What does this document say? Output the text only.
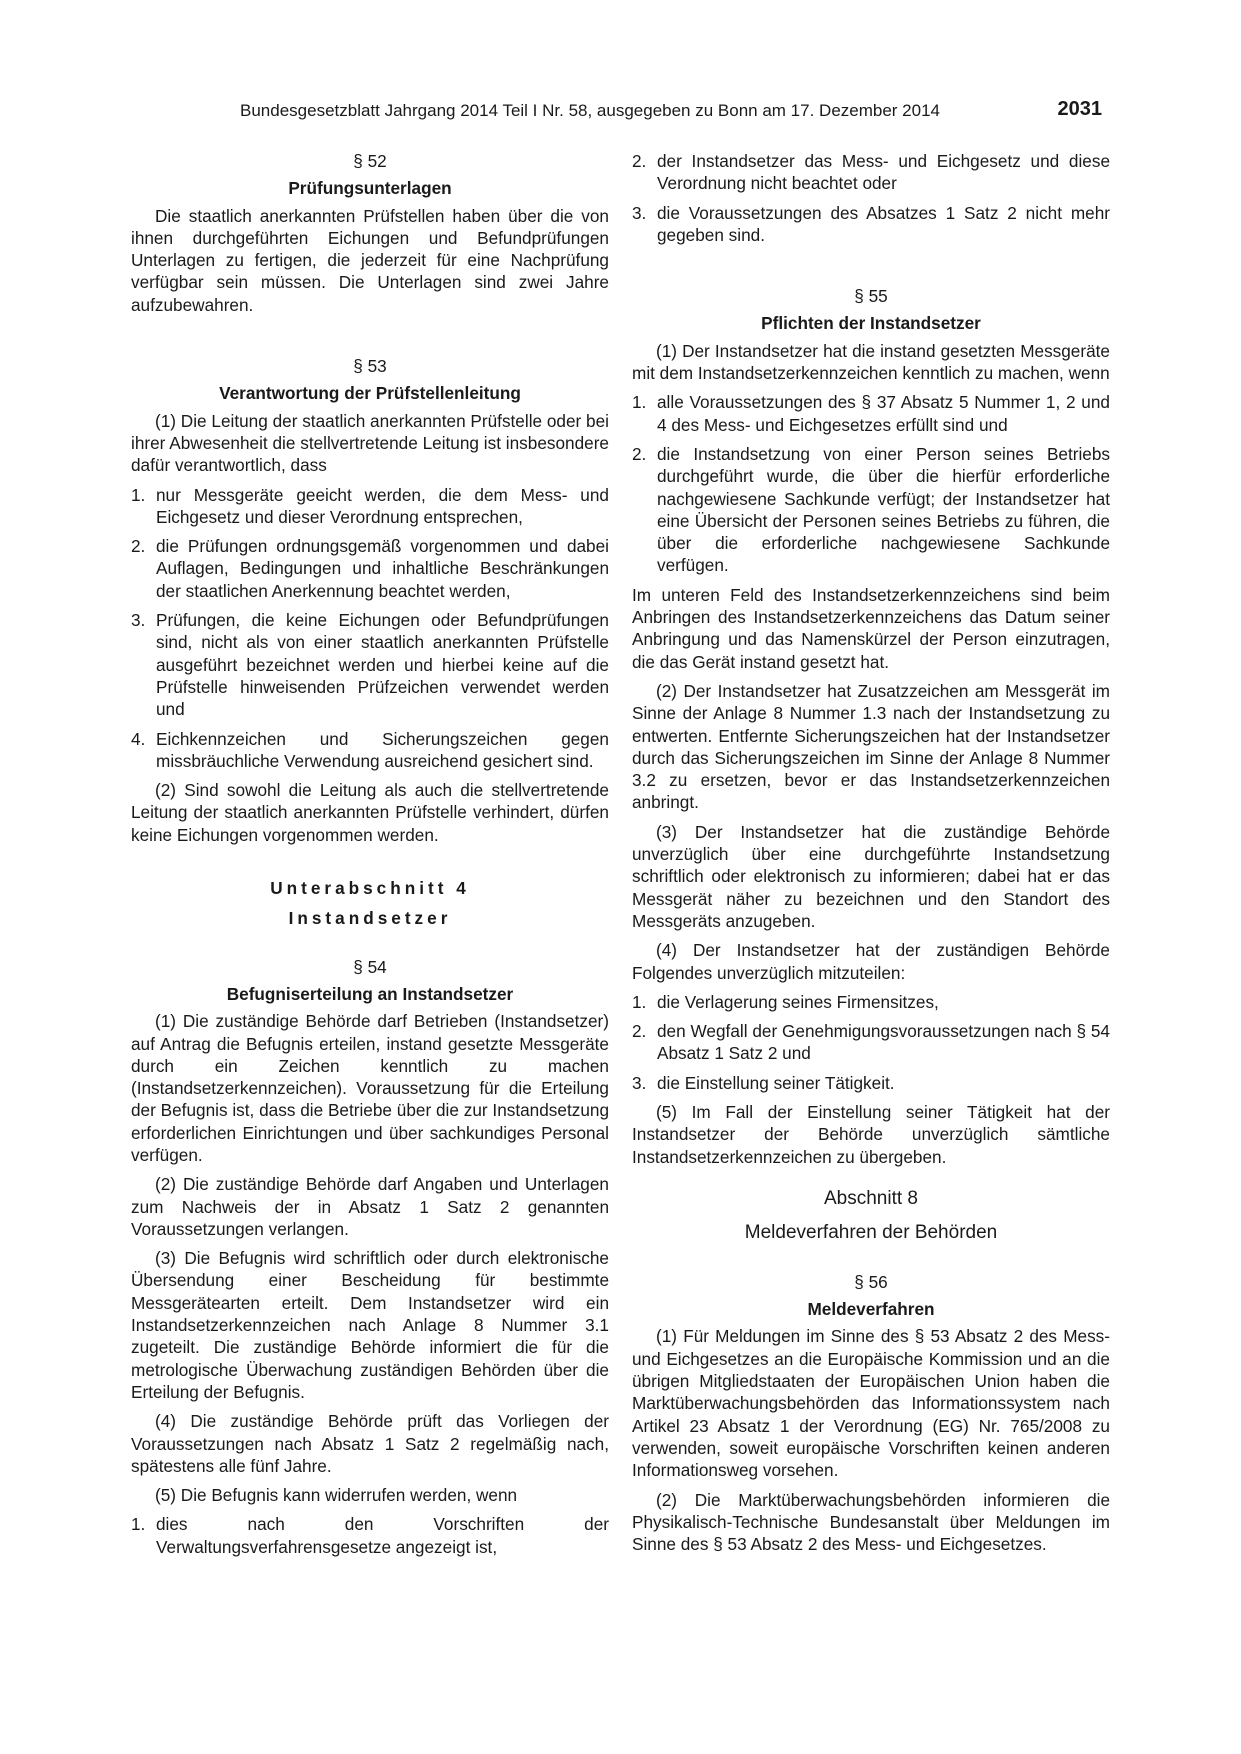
Bundesgesetzblatt Jahrgang 2014 Teil I Nr. 58, ausgegeben zu Bonn am 17. Dezember 2014	2031
§ 52
Prüfungsunterlagen

Die staatlich anerkannten Prüfstellen haben über die von ihnen durchgeführten Eichungen und Befundprüfungen Unterlagen zu fertigen, die jederzeit für eine Nachprüfung verfügbar sein müssen. Die Unterlagen sind zwei Jahre aufzubewahren.

§ 53
Verantwortung der Prüfstellenleitung

(1) Die Leitung der staatlich anerkannten Prüfstelle oder bei ihrer Abwesenheit die stellvertretende Leitung ist insbesondere dafür verantwortlich, dass

1. nur Messgeräte geeicht werden, die dem Mess- und Eichgesetz und dieser Verordnung entsprechen,
2. die Prüfungen ordnungsgemäß vorgenommen und dabei Auflagen, Bedingungen und inhaltliche Beschränkungen der staatlichen Anerkennung beachtet werden,
3. Prüfungen, die keine Eichungen oder Befundprüfungen sind, nicht als von einer staatlich anerkannten Prüfstelle ausgeführt bezeichnet werden und hierbei keine auf die Prüfstelle hinweisenden Prüfzeichen verwendet werden und
4. Eichkennzeichen und Sicherungszeichen gegen missbräuchliche Verwendung ausreichend gesichert sind.

(2) Sind sowohl die Leitung als auch die stellvertretende Leitung der staatlich anerkannten Prüfstelle verhindert, dürfen keine Eichungen vorgenommen werden.

Unterabschnitt 4
Instandsetzer
§ 54
Befugniserteilung an Instandsetzer

(1) Die zuständige Behörde darf Betrieben (Instandsetzer) auf Antrag die Befugnis erteilen, instand gesetzte Messgeräte durch ein Zeichen kenntlich zu machen (Instandsetzerkennzeichen). Voraussetzung für die Erteilung der Befugnis ist, dass die Betriebe über die zur Instandsetzung erforderlichen Einrichtungen und über sachkundiges Personal verfügen.

(2) Die zuständige Behörde darf Angaben und Unterlagen zum Nachweis der in Absatz 1 Satz 2 genannten Voraussetzungen verlangen.

(3) Die Befugnis wird schriftlich oder durch elektronische Übersendung einer Bescheidung für bestimmte Messgerätearten erteilt. Dem Instandsetzer wird ein Instandsetzerkennzeichen nach Anlage 8 Nummer 3.1 zugeteilt. Die zuständige Behörde informiert die für die metrologische Überwachung zuständigen Behörden über die Erteilung der Befugnis.

(4) Die zuständige Behörde prüft das Vorliegen der Voraussetzungen nach Absatz 1 Satz 2 regelmäßig nach, spätestens alle fünf Jahre.

(5) Die Befugnis kann widerrufen werden, wenn

1. dies nach den Vorschriften der Verwaltungsverfahrensgesetze angezeigt ist,
2. der Instandsetzer das Mess- und Eichgesetz und diese Verordnung nicht beachtet oder
3. die Voraussetzungen des Absatzes 1 Satz 2 nicht mehr gegeben sind.
§ 55
Pflichten der Instandsetzer

(1) Der Instandsetzer hat die instand gesetzten Messgeräte mit dem Instandsetzerkennzeichen kenntlich zu machen, wenn

1. alle Voraussetzungen des § 37 Absatz 5 Nummer 1, 2 und 4 des Mess- und Eichgesetzes erfüllt sind und
2. die Instandsetzung von einer Person seines Betriebs durchgeführt wurde, die über die hierfür erforderliche nachgewiesene Sachkunde verfügt; der Instandsetzer hat eine Übersicht der Personen seines Betriebs zu führen, die über die erforderliche nachgewiesene Sachkunde verfügen.

Im unteren Feld des Instandsetzerkennzeichens sind beim Anbringen des Instandsetzerkennzeichens das Datum seiner Anbringung und das Namenskürzel der Person einzutragen, die das Gerät instand gesetzt hat.

(2) Der Instandsetzer hat Zusatzzeichen am Messgerät im Sinne der Anlage 8 Nummer 1.3 nach der Instandsetzung zu entwerten. Entfernte Sicherungszeichen hat der Instandsetzer durch das Sicherungszeichen im Sinne der Anlage 8 Nummer 3.2 zu ersetzen, bevor er das Instandsetzerkennzeichen anbringt.

(3) Der Instandsetzer hat die zuständige Behörde unverzüglich über eine durchgeführte Instandsetzung schriftlich oder elektronisch zu informieren; dabei hat er das Messgerät näher zu bezeichnen und den Standort des Messgeräts anzugeben.

(4) Der Instandsetzer hat der zuständigen Behörde Folgendes unverzüglich mitzuteilen:

1. die Verlagerung seines Firmensitzes,
2. den Wegfall der Genehmigungsvoraussetzungen nach § 54 Absatz 1 Satz 2 und
3. die Einstellung seiner Tätigkeit.

(5) Im Fall der Einstellung seiner Tätigkeit hat der Instandsetzer der Behörde unverzüglich sämtliche Instandsetzerkennzeichen zu übergeben.

Abschnitt 8
Meldeverfahren der Behörden
§ 56
Meldeverfahren

(1) Für Meldungen im Sinne des § 53 Absatz 2 des Mess- und Eichgesetzes an die Europäische Kommission und an die übrigen Mitgliedstaaten der Europäischen Union haben die Marktüberwachungsbehörden das Informationssystem nach Artikel 23 Absatz 1 der Verordnung (EG) Nr. 765/2008 zu verwenden, soweit europäische Vorschriften keinen anderen Informationsweg vorsehen.

(2) Die Marktüberwachungsbehörden informieren die Physikalisch-Technische Bundesanstalt über Meldungen im Sinne des § 53 Absatz 2 des Mess- und Eichgesetzes.
